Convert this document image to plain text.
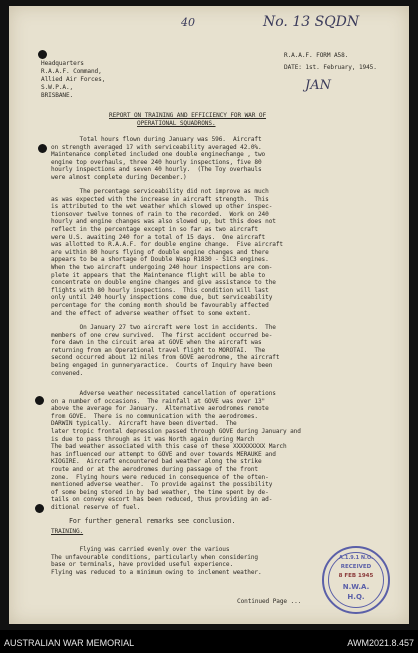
40	No. 13 SQDN
JAN
Headquarters
R.A.A.F. Command,
Allied Air Forces,
S.W.P.A.,
BRISBANE.
R.A.A.F. FORM A58.
DATE: 1st. February, 1945.
REPORT ON TRAINING AND EFFICIENCY FOR WAR OF
OPERATIONAL SQUADRONS.
Total hours flown during January was 596.  Aircraft
on strength averaged 17 with serviceability averaged 42.0%.
Maintenance completed included one double enginechange , two
engine top overhauls, three 240 hourly inspections, five 80
hourly inspections and seven 40 hourly.  (The Toy overhauls
were almost complete during December.)
The percentage serviceability did not improve as much
as was expected with the increase in aircraft strength.  This
is attributed to the wet weather which slowed up other inspec-
tionsover twelve tonnes of rain to the recorded.  Work on 240
hourly and engine changes was also slowed up, but this does not
reflect in the percentage except in so far as two aircraft
were U.S. awaiting 240 for a total of 15 days.  One aircraft
was allotted to R.A.A.F. for double engine change.  Five aircraft
are within 80 hours flying of double engine changes and there
appears to be a shortage of Double Wasp R1830 - S1C3 engines.
When the two aircraft undergoing 240 hour inspections are com-
plete it appears that the Maintenance flight will be able to
concentrate on double engine changes and give assistance to the
flights with 80 hourly inspections.  This condition will last
only until 240 hourly inspections come due, but serviceability
percentage for the coming month should be favourably affected
and the effect of adverse weather offset to some extent.
On January 27 two aircraft were lost in accidents.  The
members of one crew survived.  The first accident occurred be-
fore dawn in the circuit area at GOVE when the aircraft was
returning from an Operational travel flight to MOROTAI.  The
second occurred about 12 miles from GOVE aerodrome, the aircraft
being engaged in gunneryaractice.  Courts of Inquiry have been
convened.
Adverse weather necessitated cancellation of operations
on a number of occasions.  The rainfall at GOVE was over 13"
above the average for January.  Alternative aerodromes remote
from GOVE.  There is no communication with the aerodromes.
DARWIN typically.  Aircraft have been diverted.  The
later tropic frontal depression passed through GOVE during January and
is due to pass through as it was North again during March
The bad weather associated with this case of these XXXXXXXXX March
has influenced our attempt to GOVE and over towards MERAUKE and
KIOGIRE.  Aircraft encountered bad weather along the strike
route and or at the aerodromes during passage of the front
zone.  Flying hours were reduced in consequence of the often-
mentioned adverse weather.  To provide against the possibility
of some being stored in by bad weather, the time spent by de-
tails on convey escort has been reduced, thus providing an ad-
ditional reserve of fuel.
For further general remarks see conclusion.
TRAINING.
Flying was carried evenly over the various
The unfavourable conditions, particularly when considering
base or terminals, have provided useful experience.
Flying was reduced to a minimum owing to inclement weather.
Continued Page ...
A.1.9.1 N.O.
RECEIVED
8 FEB 1945
N.W.A.
H.Q.
AUSTRALIAN WAR MEMORIAL	AWM2021.8.457
